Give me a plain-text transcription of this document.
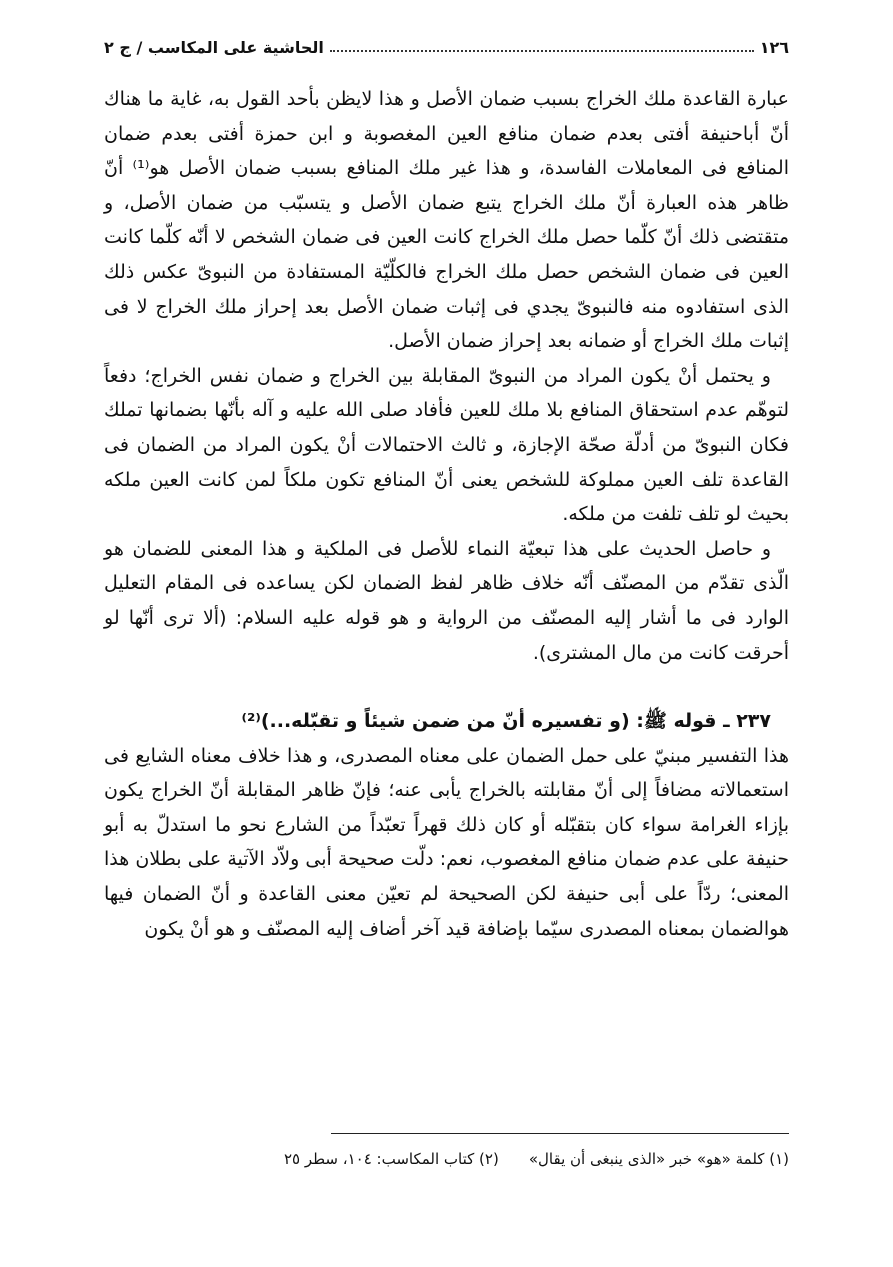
١٢٦
الحاشية على المكاسب / ج ٢

عبارة القاعدة ملك الخراج بسبب ضمان الأصل و هذا لايظن بأحد القول به، غاية ما هناك أنّ أباحنيفة أفتى بعدم ضمان منافع العين المغصوبة و ابن حمزة أفتى بعدم ضمان المنافع فى المعاملات الفاسدة، و هذا غير ملك المنافع بسبب ضمان الأصل هو⁽¹⁾ أنّ ظاهر هذه العبارة أنّ ملك الخراج يتبع ضمان الأصل و يتسبّب من ضمان الأصل، و متقتضى ذلك أنّ كلّما حصل ملك الخراج كانت العين فى ضمان الشخص لا أنّه كلّما كانت العين فى ضمان الشخص حصل ملك الخراج فالكلّيّة المستفادة من النبوىّ عكس ذلك الذى استفادوه منه فالنبوىّ يجدي فى إثبات ضمان الأصل بعد إحراز ملك الخراج لا فى إثبات ملك الخراج أو ضمانه بعد إحراز ضمان الأصل.

و يحتمل أنْ يكون المراد من النبوىّ المقابلة بين الخراج و ضمان نفس الخراج؛ دفعاً لتوهّم عدم استحقاق المنافع بلا ملك للعين فأفاد صلى الله عليه و آله بأنّها بضمانها تملك فكان النبوىّ من أدلّة صحّة الإجازة، و ثالث الاحتمالات أنْ يكون المراد من الضمان فى القاعدة تلف العين مملوكة للشخص يعنى أنّ المنافع تكون ملكاً لمن كانت العين ملكه بحيث لو تلف تلفت من ملكه.

و حاصل الحديث على هذا تبعيّة النماء للأصل فى الملكية و هذا المعنى للضمان هو الّذى تقدّم من المصنّف أنّه خلاف ظاهر لفظ الضمان لكن يساعده فى المقام التعليل الوارد فى ما أشار إليه المصنّف من الرواية و هو قوله عليه السلام: (ألا ترى أنّها لو أحرقت كانت من مال المشترى).

٢٣٧ ـ قوله ﷺ: (و تفسيره أنّ من ضمن شيئاً و تقبّله...)⁽²⁾

هذا التفسير مبنيّ على حمل الضمان على معناه المصدرى، و هذا خلاف معناه الشايع فى استعمالاته مضافاً إلى أنّ مقابلته بالخراج يأبى عنه؛ فإنّ ظاهر المقابلة أنّ الخراج يكون بإزاء الغرامة سواء كان بتقبّله أو كان ذلك قهراً تعبّداً من الشارع نحو ما استدلّ به أبو حنيفة على عدم ضمان منافع المغصوب، نعم: دلّت صحيحة أبى ولاّد الآتية على بطلان هذا المعنى؛ ردّاً على أبى حنيفة لكن الصحيحة لم تعيّن معنى القاعدة و أنّ الضمان فيها هوالضمان بمعناه المصدرى سيّما بإضافة قيد آخر أضاف إليه المصنّف و هو أنْ يكون

(١) كلمة «هو» خبر «الذى ينبغى أن يقال»
(٢) كتاب المكاسب: ١٠٤، سطر ٢٥
